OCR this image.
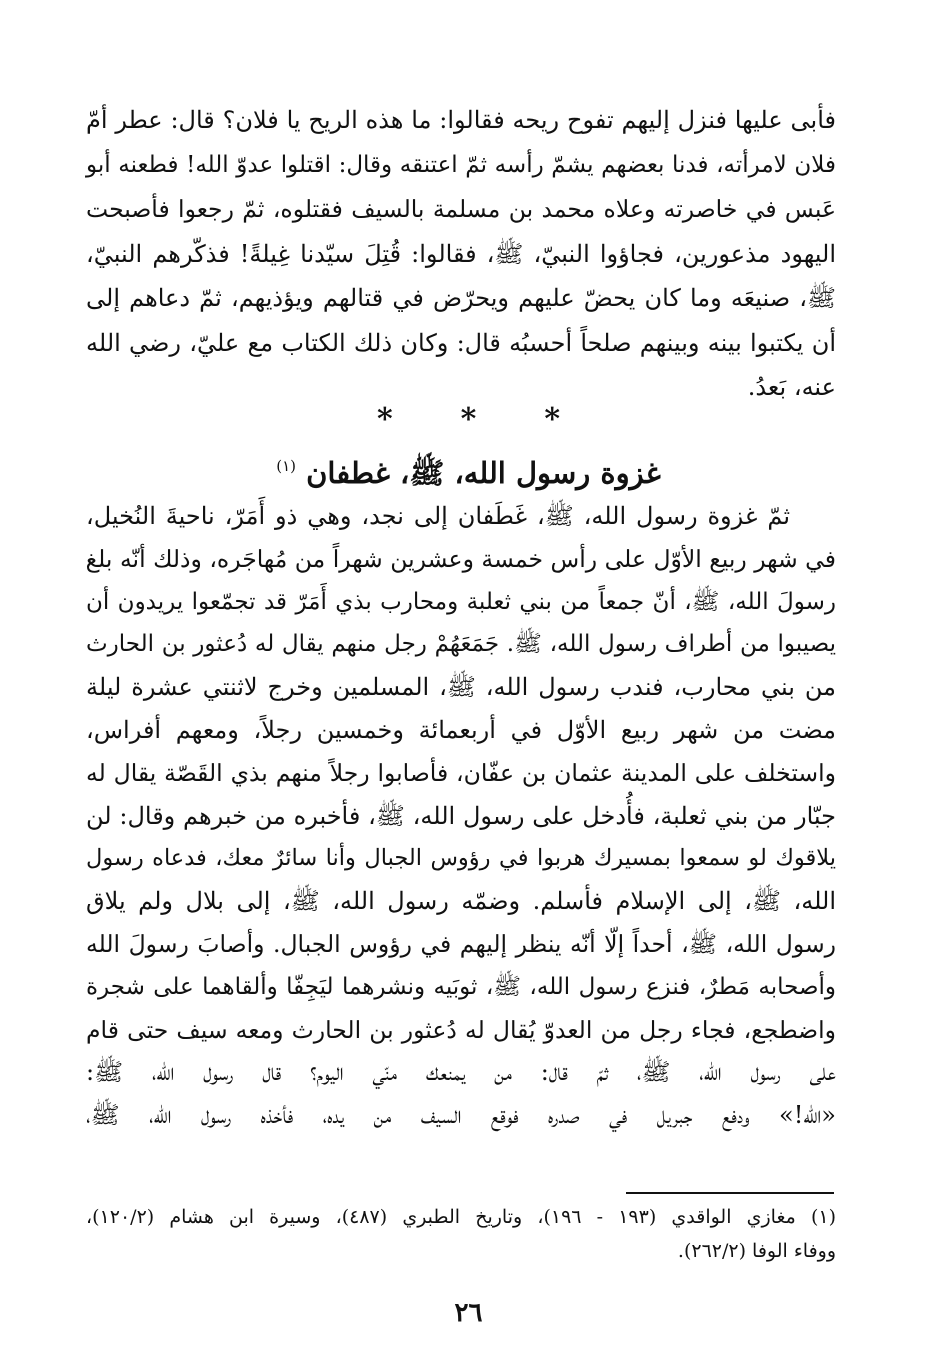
فأبى عليها فنزل إليهم تفوح ريحه فقالوا: ما هذه الريح يا فلان؟ قال: عطر أمّ
فلان لامرأته، فدنا بعضهم يشمّ رأسه ثمّ اعتنقه وقال: اقتلوا عدوّ الله! فطعنه أبو
عَبس في خاصرته وعلاه محمد بن مسلمة بالسيف فقتلوه، ثمّ رجعوا فأصبحت
اليهود مذعورين، فجاؤوا النبيّ، ﷺ، فقالوا: قُتِلَ سيّدنا غِيلةً! فذكّرهم النبيّ،
ﷺ، صنيعَه وما كان يحضّ عليهم ويحرّض في قتالهم ويؤذيهم، ثمّ دعاهم إلى
أن يكتبوا بينه وبينهم صلحاً أحسبُه قال: وكان ذلك الكتاب مع عليّ، رضي الله
عنه، بَعدُ.
* * *
غزوة رسول الله، ﷺ، غطفان $^{(١)}$
ثمّ غزوة رسول الله، ﷺ، غَطَفان إلى نجد، وهي ذو أَمَرّ، ناحيةَ النُخيل،
في شهر ربيع الأوّل على رأس خمسة وعشرين شهراً من مُهاجَره، وذلك أنّه بلغ
رسولَ الله، ﷺ، أنّ جمعاً من بني ثعلبة ومحارب بذي أَمَرّ قد تجمّعوا يريدون أن
يصيبوا من أطراف رسول الله، ﷺ. جَمَعَهُمْ رجل منهم يقال له دُعثور بن الحارث
من بني محارب، فندب رسول الله، ﷺ، المسلمين وخرج لاثنتي عشرة ليلة
مضت من شهر ربيع الأوّل في أربعمائة وخمسين رجلاً، ومعهم أفراس،
واستخلف على المدينة عثمان بن عفّان، فأصابوا رجلاً منهم بذي القَصّة يقال له
جبّار من بني ثعلبة، فأُدخل على رسول الله، ﷺ، فأخبره من خبرهم وقال: لن
يلاقوك لو سمعوا بمسيرك هربوا في رؤوس الجبال وأنا سائرٌ معك، فدعاه رسول
الله، ﷺ، إلى الإسلام فأسلم. وضمّه رسول الله، ﷺ، إلى بلال ولم يلاق
رسول الله، ﷺ، أحداً إلّا أنّه ينظر إليهم في رؤوس الجبال. وأصابَ رسولَ الله
وأصحابه مَطرٌ، فنزع رسول الله، ﷺ، ثوبَيه ونشرهما ليَجِفّا وألقاهما على شجرة
واضطجع، فجاء رجل من العدوّ يُقال له دُعثور بن الحارث ومعه سيف حتى قام
على رسول الله، ﷺ، ثمّ قال: من يمنعك منّي اليوم؟ قال رسول الله، ﷺ:
«الله!» ودفع جبريل في صدره فوقع السيف من يده، فأخذه رسول الله، ﷺ،
(١) مغازي الواقدي (١٩٣ - ١٩٦)، وتاريخ الطبري (٤٨٧)، وسيرة ابن هشام (١٢٠/٢)،
ووفاء الوفا (٢٦٢/٢).
٢٦
